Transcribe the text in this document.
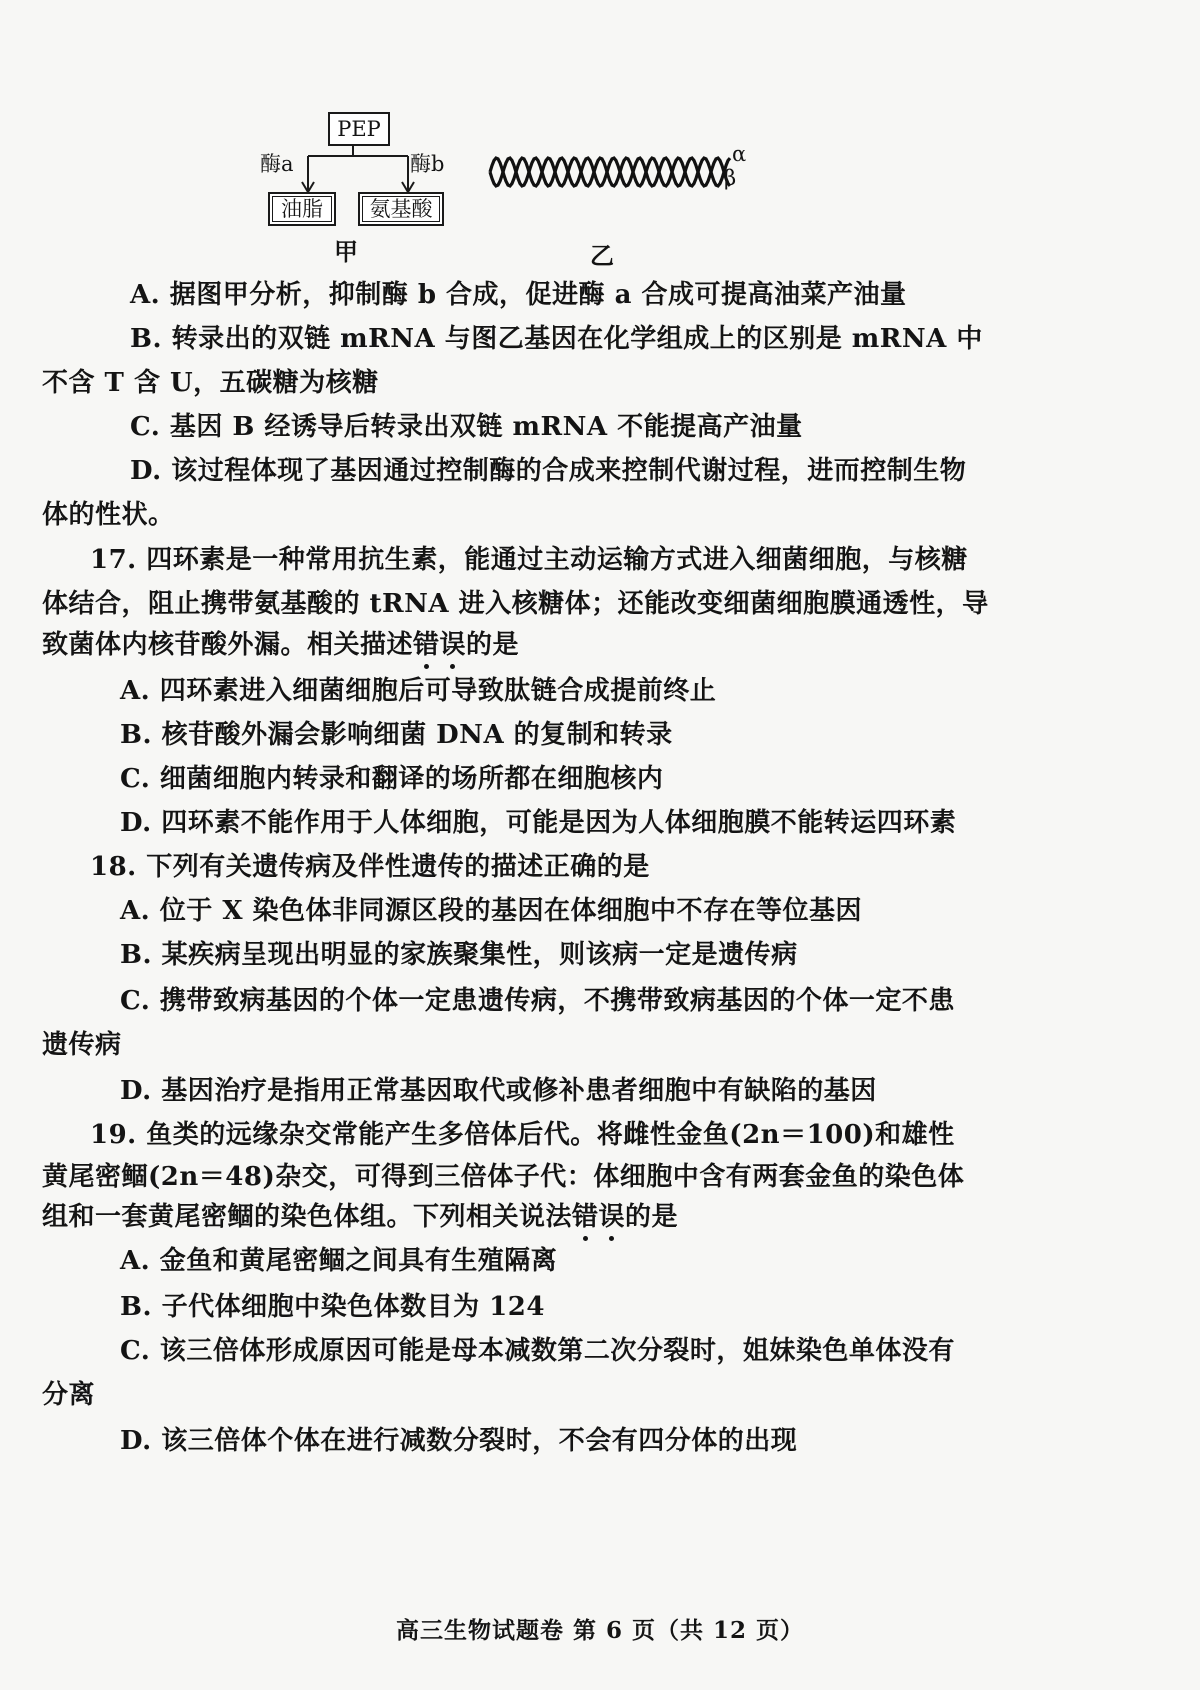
PEP
酶a	酶b
油脂	氨基酸
甲
α
β
乙
A. 据图甲分析，抑制酶 b 合成，促进酶 a 合成可提高油菜产油量
B. 转录出的双链 mRNA 与图乙基因在化学组成上的区别是 mRNA 中
不含 T 含 U，五碳糖为核糖
C. 基因 B 经诱导后转录出双链 mRNA 不能提高产油量
D. 该过程体现了基因通过控制酶的合成来控制代谢过程，进而控制生物
体的性状。
17. 四环素是一种常用抗生素，能通过主动运输方式进入细菌细胞，与核糖
体结合，阻止携带氨基酸的 tRNA 进入核糖体；还能改变细菌细胞膜通透性，导
致菌体内核苷酸外漏。相关描述错误的是
A. 四环素进入细菌细胞后可导致肽链合成提前终止
B. 核苷酸外漏会影响细菌 DNA 的复制和转录
C. 细菌细胞内转录和翻译的场所都在细胞核内
D. 四环素不能作用于人体细胞，可能是因为人体细胞膜不能转运四环素
18. 下列有关遗传病及伴性遗传的描述正确的是
A. 位于 X 染色体非同源区段的基因在体细胞中不存在等位基因
B. 某疾病呈现出明显的家族聚集性，则该病一定是遗传病
C. 携带致病基因的个体一定患遗传病，不携带致病基因的个体一定不患
遗传病
D. 基因治疗是指用正常基因取代或修补患者细胞中有缺陷的基因
19. 鱼类的远缘杂交常能产生多倍体后代。将雌性金鱼(2n＝100)和雄性
黄尾密鲴(2n＝48)杂交，可得到三倍体子代：体细胞中含有两套金鱼的染色体
组和一套黄尾密鲴的染色体组。下列相关说法错误的是
A. 金鱼和黄尾密鲴之间具有生殖隔离
B. 子代体细胞中染色体数目为 124
C. 该三倍体形成原因可能是母本减数第二次分裂时，姐妹染色单体没有
分离
D. 该三倍体个体在进行减数分裂时，不会有四分体的出现
高三生物试题卷 第 6 页（共 12 页）
